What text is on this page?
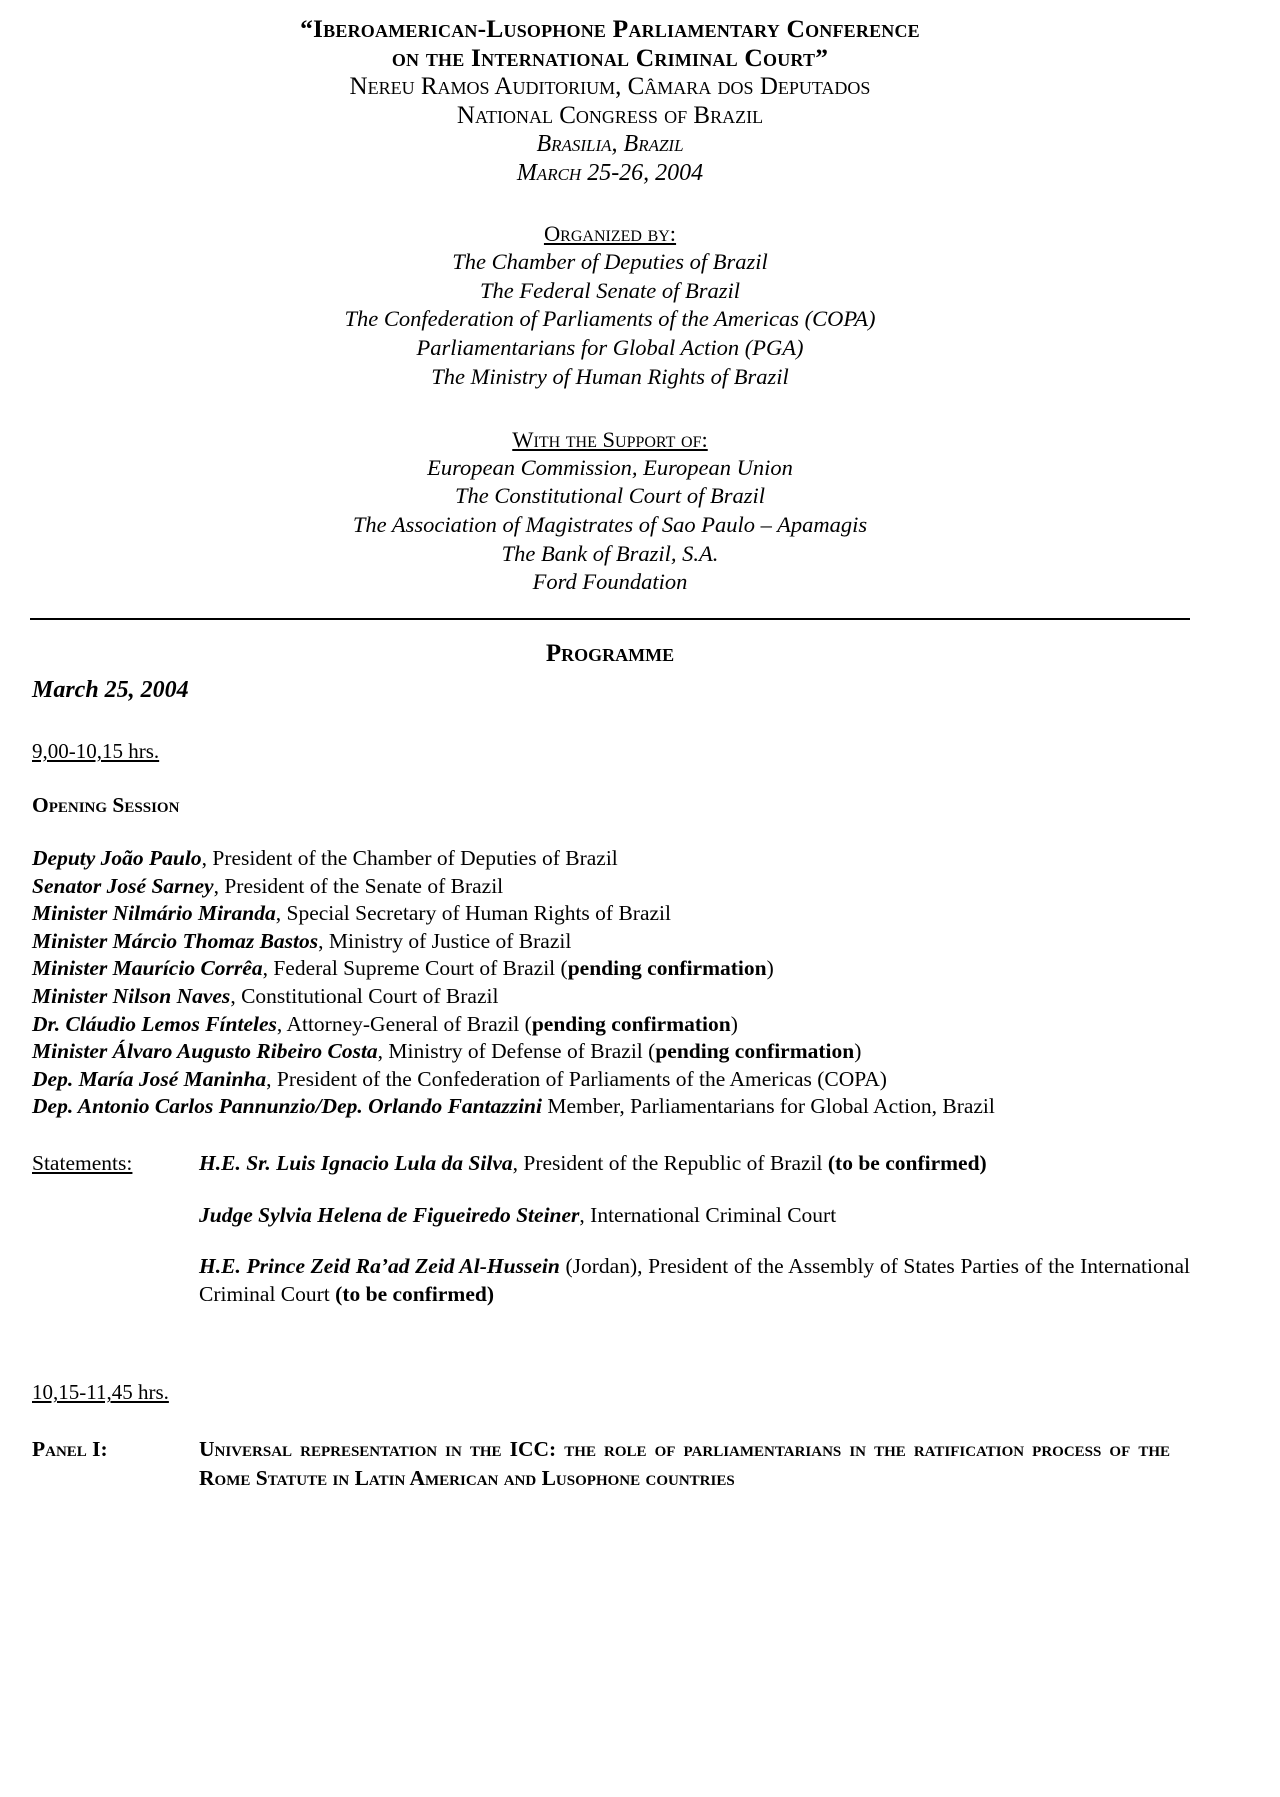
“Iberoamerican-Lusophone Parliamentary Conference
on the International Criminal Court”
Nereu Ramos Auditorium, Câmara dos Deputados
National Congress of Brazil
Brasilia, Brazil
March 25-26, 2004
Organized by:
The Chamber of Deputies of Brazil
The Federal Senate of Brazil
The Confederation of Parliaments of the Americas (COPA)
Parliamentarians for Global Action (PGA)
The Ministry of Human Rights of Brazil
With the Support of:
European Commission, European Union
The Constitutional Court of Brazil
The Association of Magistrates of Sao Paulo – Apamagis
The Bank of Brazil, S.A.
Ford Foundation
Programme
March 25, 2004
9,00-10,15 hrs.
Opening Session
Deputy João Paulo, President of the Chamber of Deputies of Brazil
Senator José Sarney, President of the Senate of Brazil
Minister Nilmário Miranda, Special Secretary of Human Rights of Brazil
Minister Márcio Thomaz Bastos, Ministry of Justice of Brazil
Minister Maurício Corrêa, Federal Supreme Court of Brazil (pending confirmation)
Minister Nilson Naves, Constitutional Court of Brazil
Dr. Cláudio Lemos Fínteles, Attorney-General of Brazil (pending confirmation)
Minister Álvaro Augusto Ribeiro Costa, Ministry of Defense of Brazil (pending confirmation)
Dep. María José Maninha, President of the Confederation of Parliaments of the Americas (COPA)
Dep. Antonio Carlos Pannunzio/Dep. Orlando Fantazzini Member, Parliamentarians for Global Action, Brazil
Statements:	H.E. Sr. Luis Ignacio Lula da Silva, President of the Republic of Brazil (to be confirmed)
Judge Sylvia Helena de Figueiredo Steiner, International Criminal Court
H.E. Prince Zeid Ra’ad Zeid Al-Hussein (Jordan), President of the Assembly of States Parties of the International Criminal Court (to be confirmed)
10,15-11,45 hrs.
Panel I:	Universal representation in the ICC: the role of parliamentarians in the ratification process of the Rome Statute in Latin American and Lusophone countries
